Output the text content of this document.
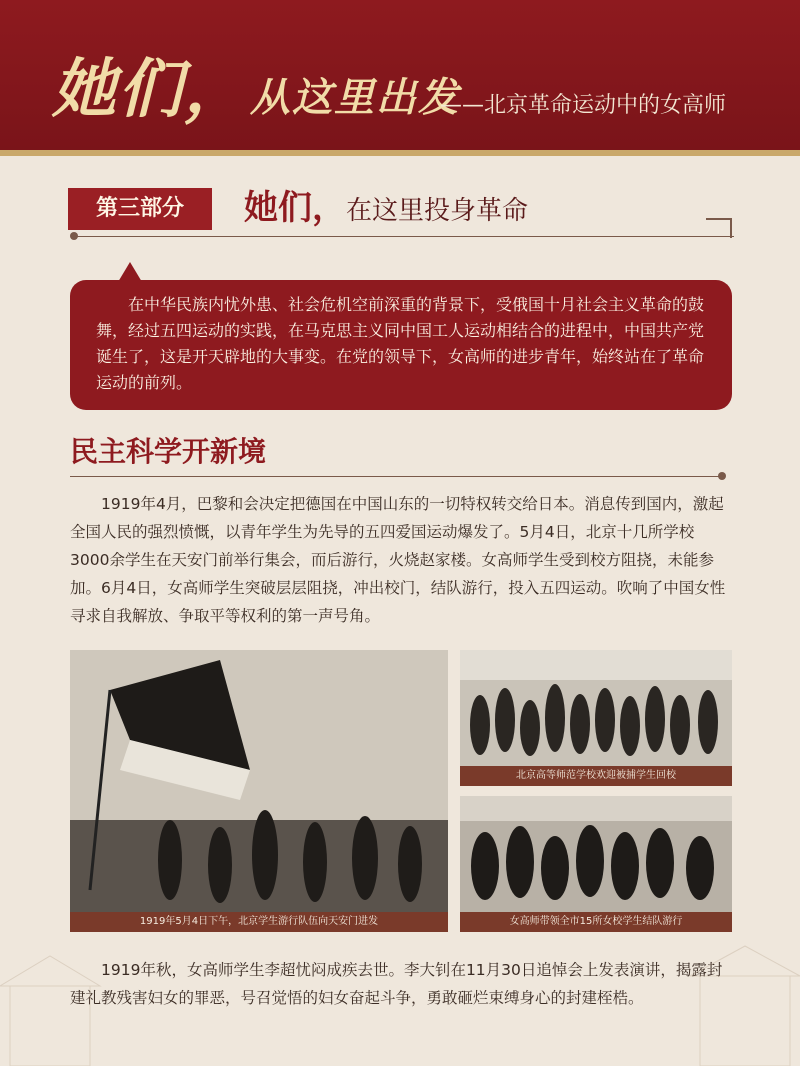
她们，从这里出发
——北京革命运动中的女高师
第三部分	她们，在这里投身革命
在中华民族内忧外患、社会危机空前深重的背景下，受俄国十月社会主义革命的鼓舞，经过五四运动的实践，在马克思主义同中国工人运动相结合的进程中，中国共产党诞生了，这是开天辟地的大事变。在党的领导下，女高师的进步青年，始终站在了革命运动的前列。
民主科学开新境
1919年4月，巴黎和会决定把德国在中国山东的一切特权转交给日本。消息传到国内，激起全国人民的强烈愤慨，以青年学生为先导的五四爱国运动爆发了。5月4日，北京十几所学校3000余学生在天安门前举行集会，而后游行，火烧赵家楼。女高师学生受到校方阻挠，未能参加。6月4日，女高师学生突破层层阻挠，冲出校门，结队游行，投入五四运动。吹响了中国女性寻求自我解放、争取平等权利的第一声号角。
1919年5月4日下午，北京学生游行队伍向天安门进发
北京高等师范学校欢迎被捕学生回校
女高师带领全市15所女校学生结队游行
1919年秋，女高师学生李超忧闷成疾去世。李大钊在11月30日追悼会上发表演讲，揭露封建礼教残害妇女的罪恶，号召觉悟的妇女奋起斗争，勇敢砸烂束缚身心的封建桎梏。
